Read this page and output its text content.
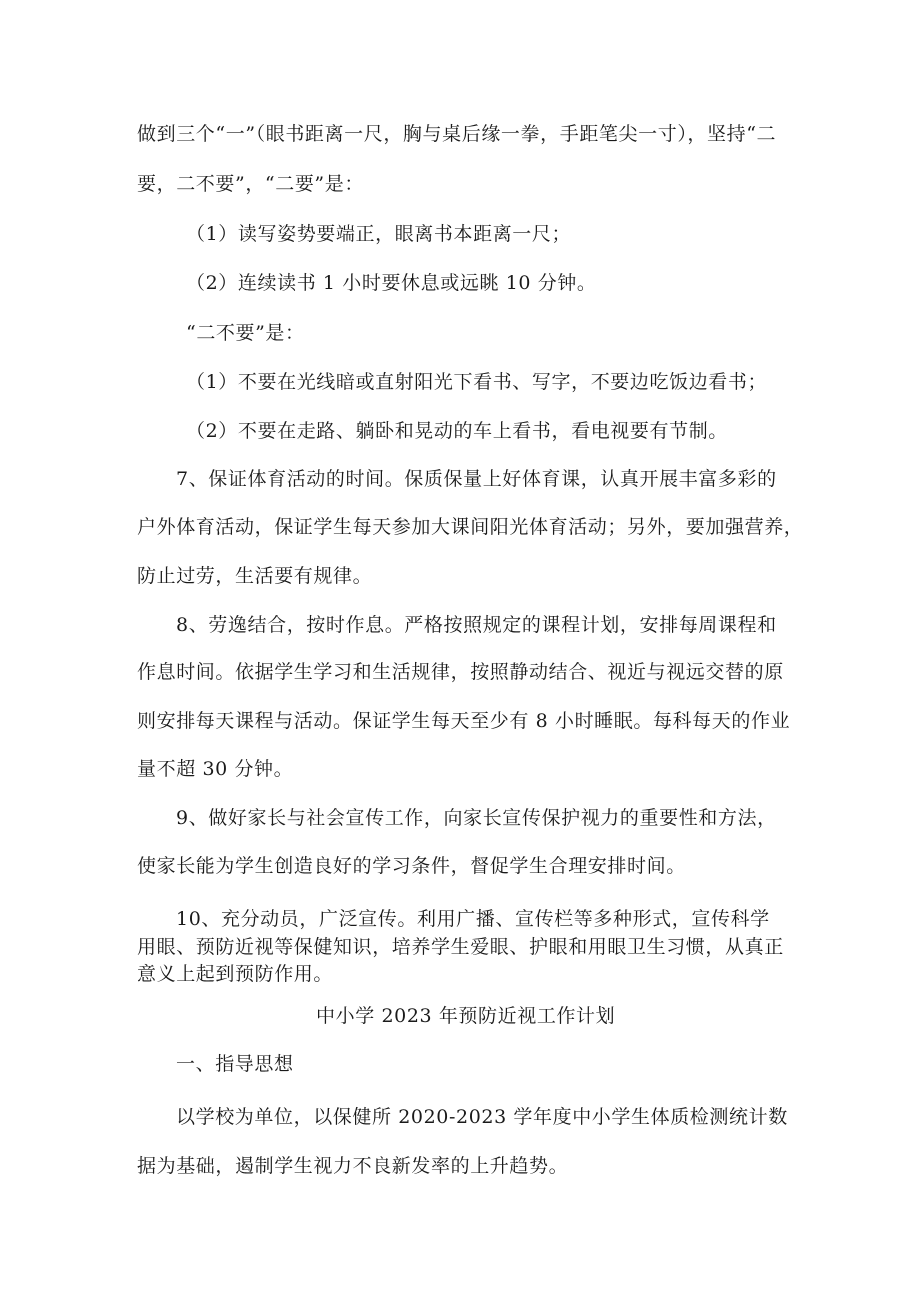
做到三个“一”（眼书距离一尺，胸与桌后缘一拳，手距笔尖一寸），坚持“二
要，二不要”，“二要”是：
（1）读写姿势要端正，眼离书本距离一尺；
（2）连续读书 1 小时要休息或远眺 10 分钟。
“二不要”是：
（1）不要在光线暗或直射阳光下看书、写字，不要边吃饭边看书；
（2）不要在走路、躺卧和晃动的车上看书，看电视要有节制。
7、保证体育活动的时间。保质保量上好体育课，认真开展丰富多彩的
户外体育活动，保证学生每天参加大课间阳光体育活动；另外，要加强营养，
防止过劳，生活要有规律。
8、劳逸结合，按时作息。严格按照规定的课程计划，安排每周课程和
作息时间。依据学生学习和生活规律，按照静动结合、视近与视远交替的原
则安排每天课程与活动。保证学生每天至少有 8 小时睡眠。每科每天的作业
量不超 30 分钟。
9、做好家长与社会宣传工作，向家长宣传保护视力的重要性和方法，
使家长能为学生创造良好的学习条件，督促学生合理安排时间。
10、充分动员，广泛宣传。利用广播、宣传栏等多种形式，宣传科学
用眼、预防近视等保健知识，培养学生爱眼、护眼和用眼卫生习惯，从真正
意义上起到预防作用。
中小学 2023 年预防近视工作计划
一、指导思想
以学校为单位，以保健所 2020-2023 学年度中小学生体质检测统计数
据为基础，遏制学生视力不良新发率的上升趋势。
